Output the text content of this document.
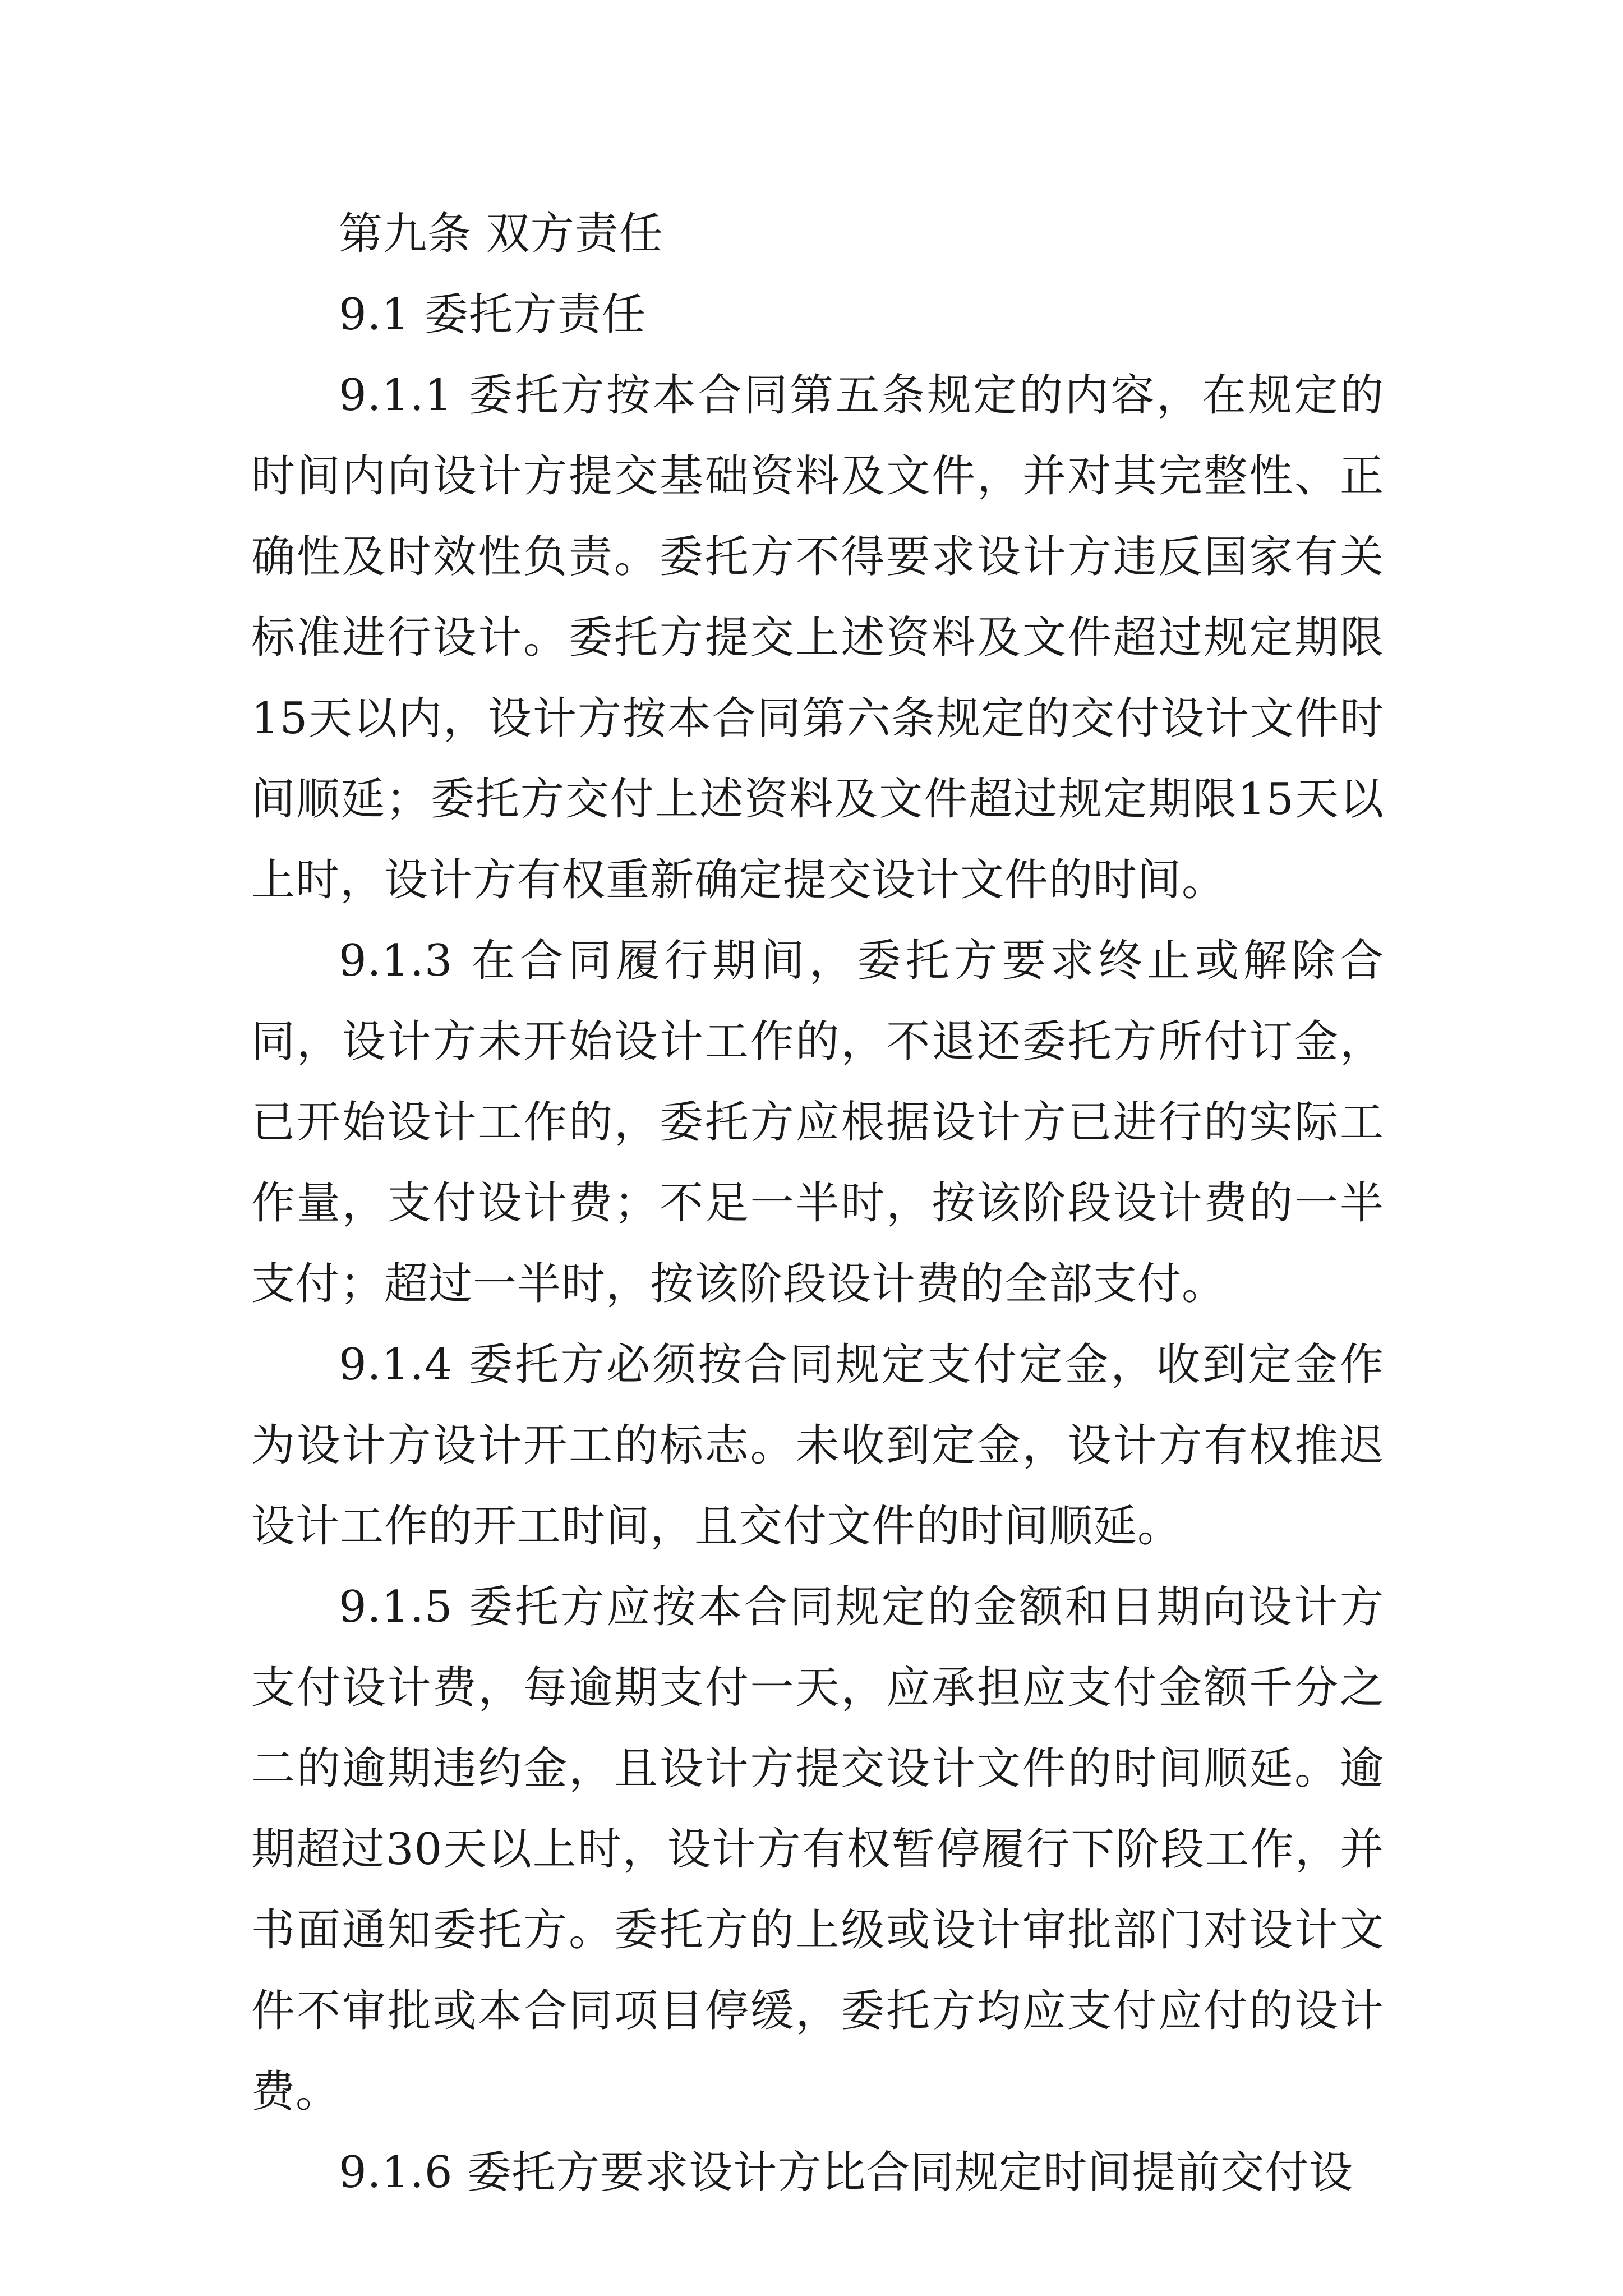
第九条 双方责任

9.1 委托方责任

9.1.1 委托方按本合同第五条规定的内容，在规定的时间内向设计方提交基础资料及文件，并对其完整性、正确性及时效性负责。委托方不得要求设计方违反国家有关标准进行设计。委托方提交上述资料及文件超过规定期限15天以内，设计方按本合同第六条规定的交付设计文件时间顺延；委托方交付上述资料及文件超过规定期限15天以上时，设计方有权重新确定提交设计文件的时间。

9.1.3 在合同履行期间，委托方要求终止或解除合同，设计方未开始设计工作的，不退还委托方所付订金，已开始设计工作的，委托方应根据设计方已进行的实际工作量，支付设计费；不足一半时，按该阶段设计费的一半支付；超过一半时，按该阶段设计费的全部支付。

9.1.4 委托方必须按合同规定支付定金，收到定金作为设计方设计开工的标志。未收到定金，设计方有权推迟设计工作的开工时间，且交付文件的时间顺延。

9.1.5 委托方应按本合同规定的金额和日期向设计方支付设计费，每逾期支付一天，应承担应支付金额千分之二的逾期违约金，且设计方提交设计文件的时间顺延。逾期超过30天以上时，设计方有权暂停履行下阶段工作，并书面通知委托方。委托方的上级或设计审批部门对设计文件不审批或本合同项目停缓，委托方均应支付应付的设计费。

9.1.6 委托方要求设计方比合同规定时间提前交付设
